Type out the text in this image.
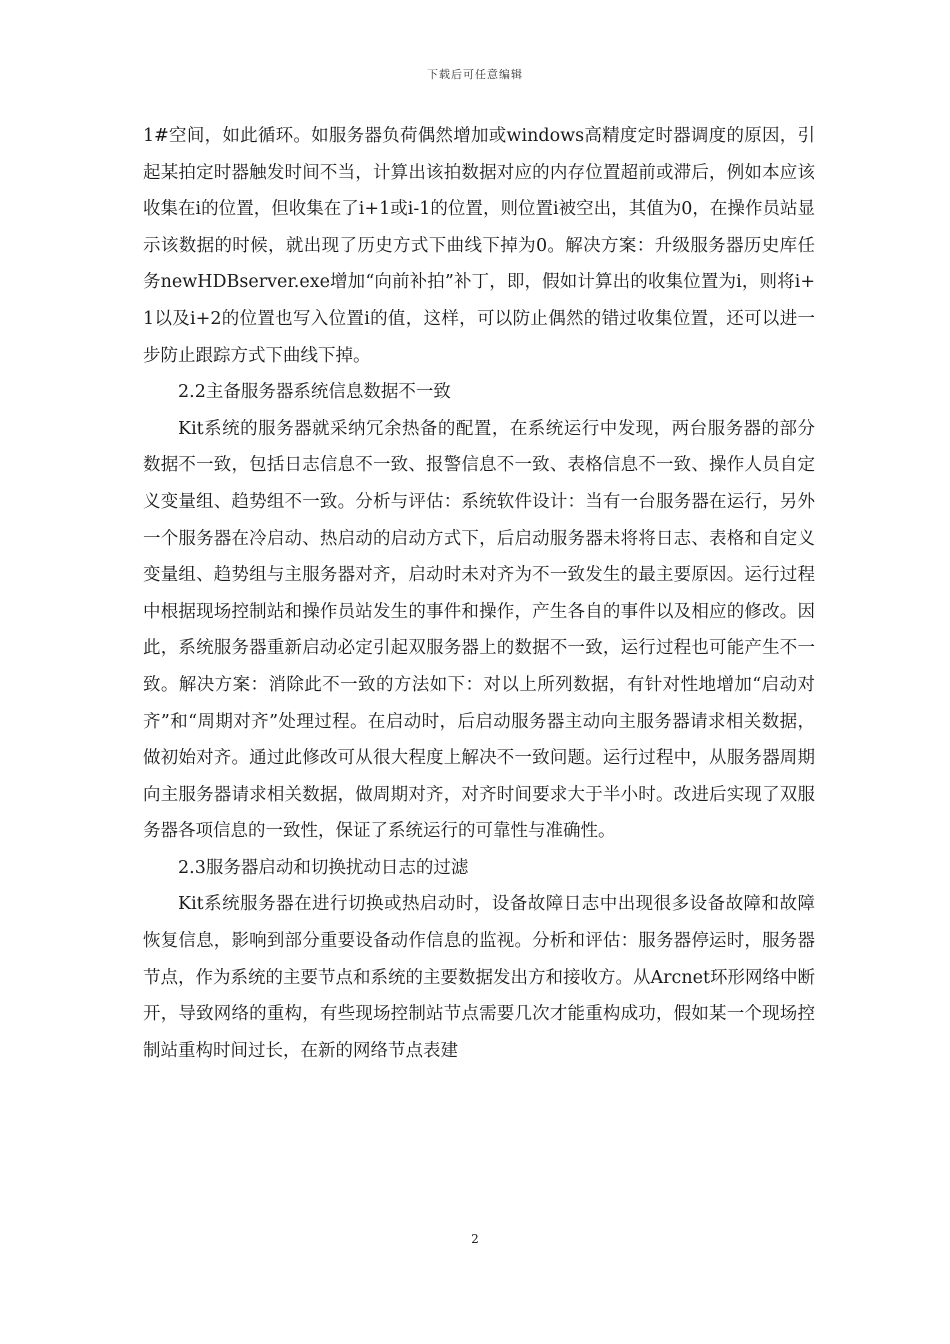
下载后可任意编辑

1#空间，如此循环。如服务器负荷偶然增加或windows高精度定时器调度的原因，引起某拍定时器触发时间不当，计算出该拍数据对应的内存位置超前或滞后，例如本应该收集在i的位置，但收集在了i+1或i-1的位置，则位置i被空出，其值为0，在操作员站显示该数据的时候，就出现了历史方式下曲线下掉为0。解决方案：升级服务器历史库任务newHDBserver.exe增加“向前补拍”补丁，即，假如计算出的收集位置为i，则将i+1以及i+2的位置也写入位置i的值，这样，可以防止偶然的错过收集位置，还可以进一步防止跟踪方式下曲线下掉。

2.2主备服务器系统信息数据不一致

Kit系统的服务器就采纳冗余热备的配置，在系统运行中发现，两台服务器的部分数据不一致，包括日志信息不一致、报警信息不一致、表格信息不一致、操作人员自定义变量组、趋势组不一致。分析与评估：系统软件设计：当有一台服务器在运行，另外一个服务器在冷启动、热启动的启动方式下，后启动服务器未将将日志、表格和自定义变量组、趋势组与主服务器对齐，启动时未对齐为不一致发生的最主要原因。运行过程中根据现场控制站和操作员站发生的事件和操作，产生各自的事件以及相应的修改。因此，系统服务器重新启动必定引起双服务器上的数据不一致，运行过程也可能产生不一致。解决方案：消除此不一致的方法如下：对以上所列数据，有针对性地增加“启动对齐”和“周期对齐”处理过程。在启动时，后启动服务器主动向主服务器请求相关数据，做初始对齐。通过此修改可从很大程度上解决不一致问题。运行过程中，从服务器周期向主服务器请求相关数据，做周期对齐，对齐时间要求大于半小时。改进后实现了双服务器各项信息的一致性，保证了系统运行的可靠性与准确性。

2.3服务器启动和切换扰动日志的过滤

Kit系统服务器在进行切换或热启动时，设备故障日志中出现很多设备故障和故障恢复信息，影响到部分重要设备动作信息的监视。分析和评估：服务器停运时，服务器节点，作为系统的主要节点和系统的主要数据发出方和接收方。从Arcnet环形网络中断开，导致网络的重构，有些现场控制站节点需要几次才能重构成功，假如某一个现场控制站重构时间过长，在新的网络节点表建

2
